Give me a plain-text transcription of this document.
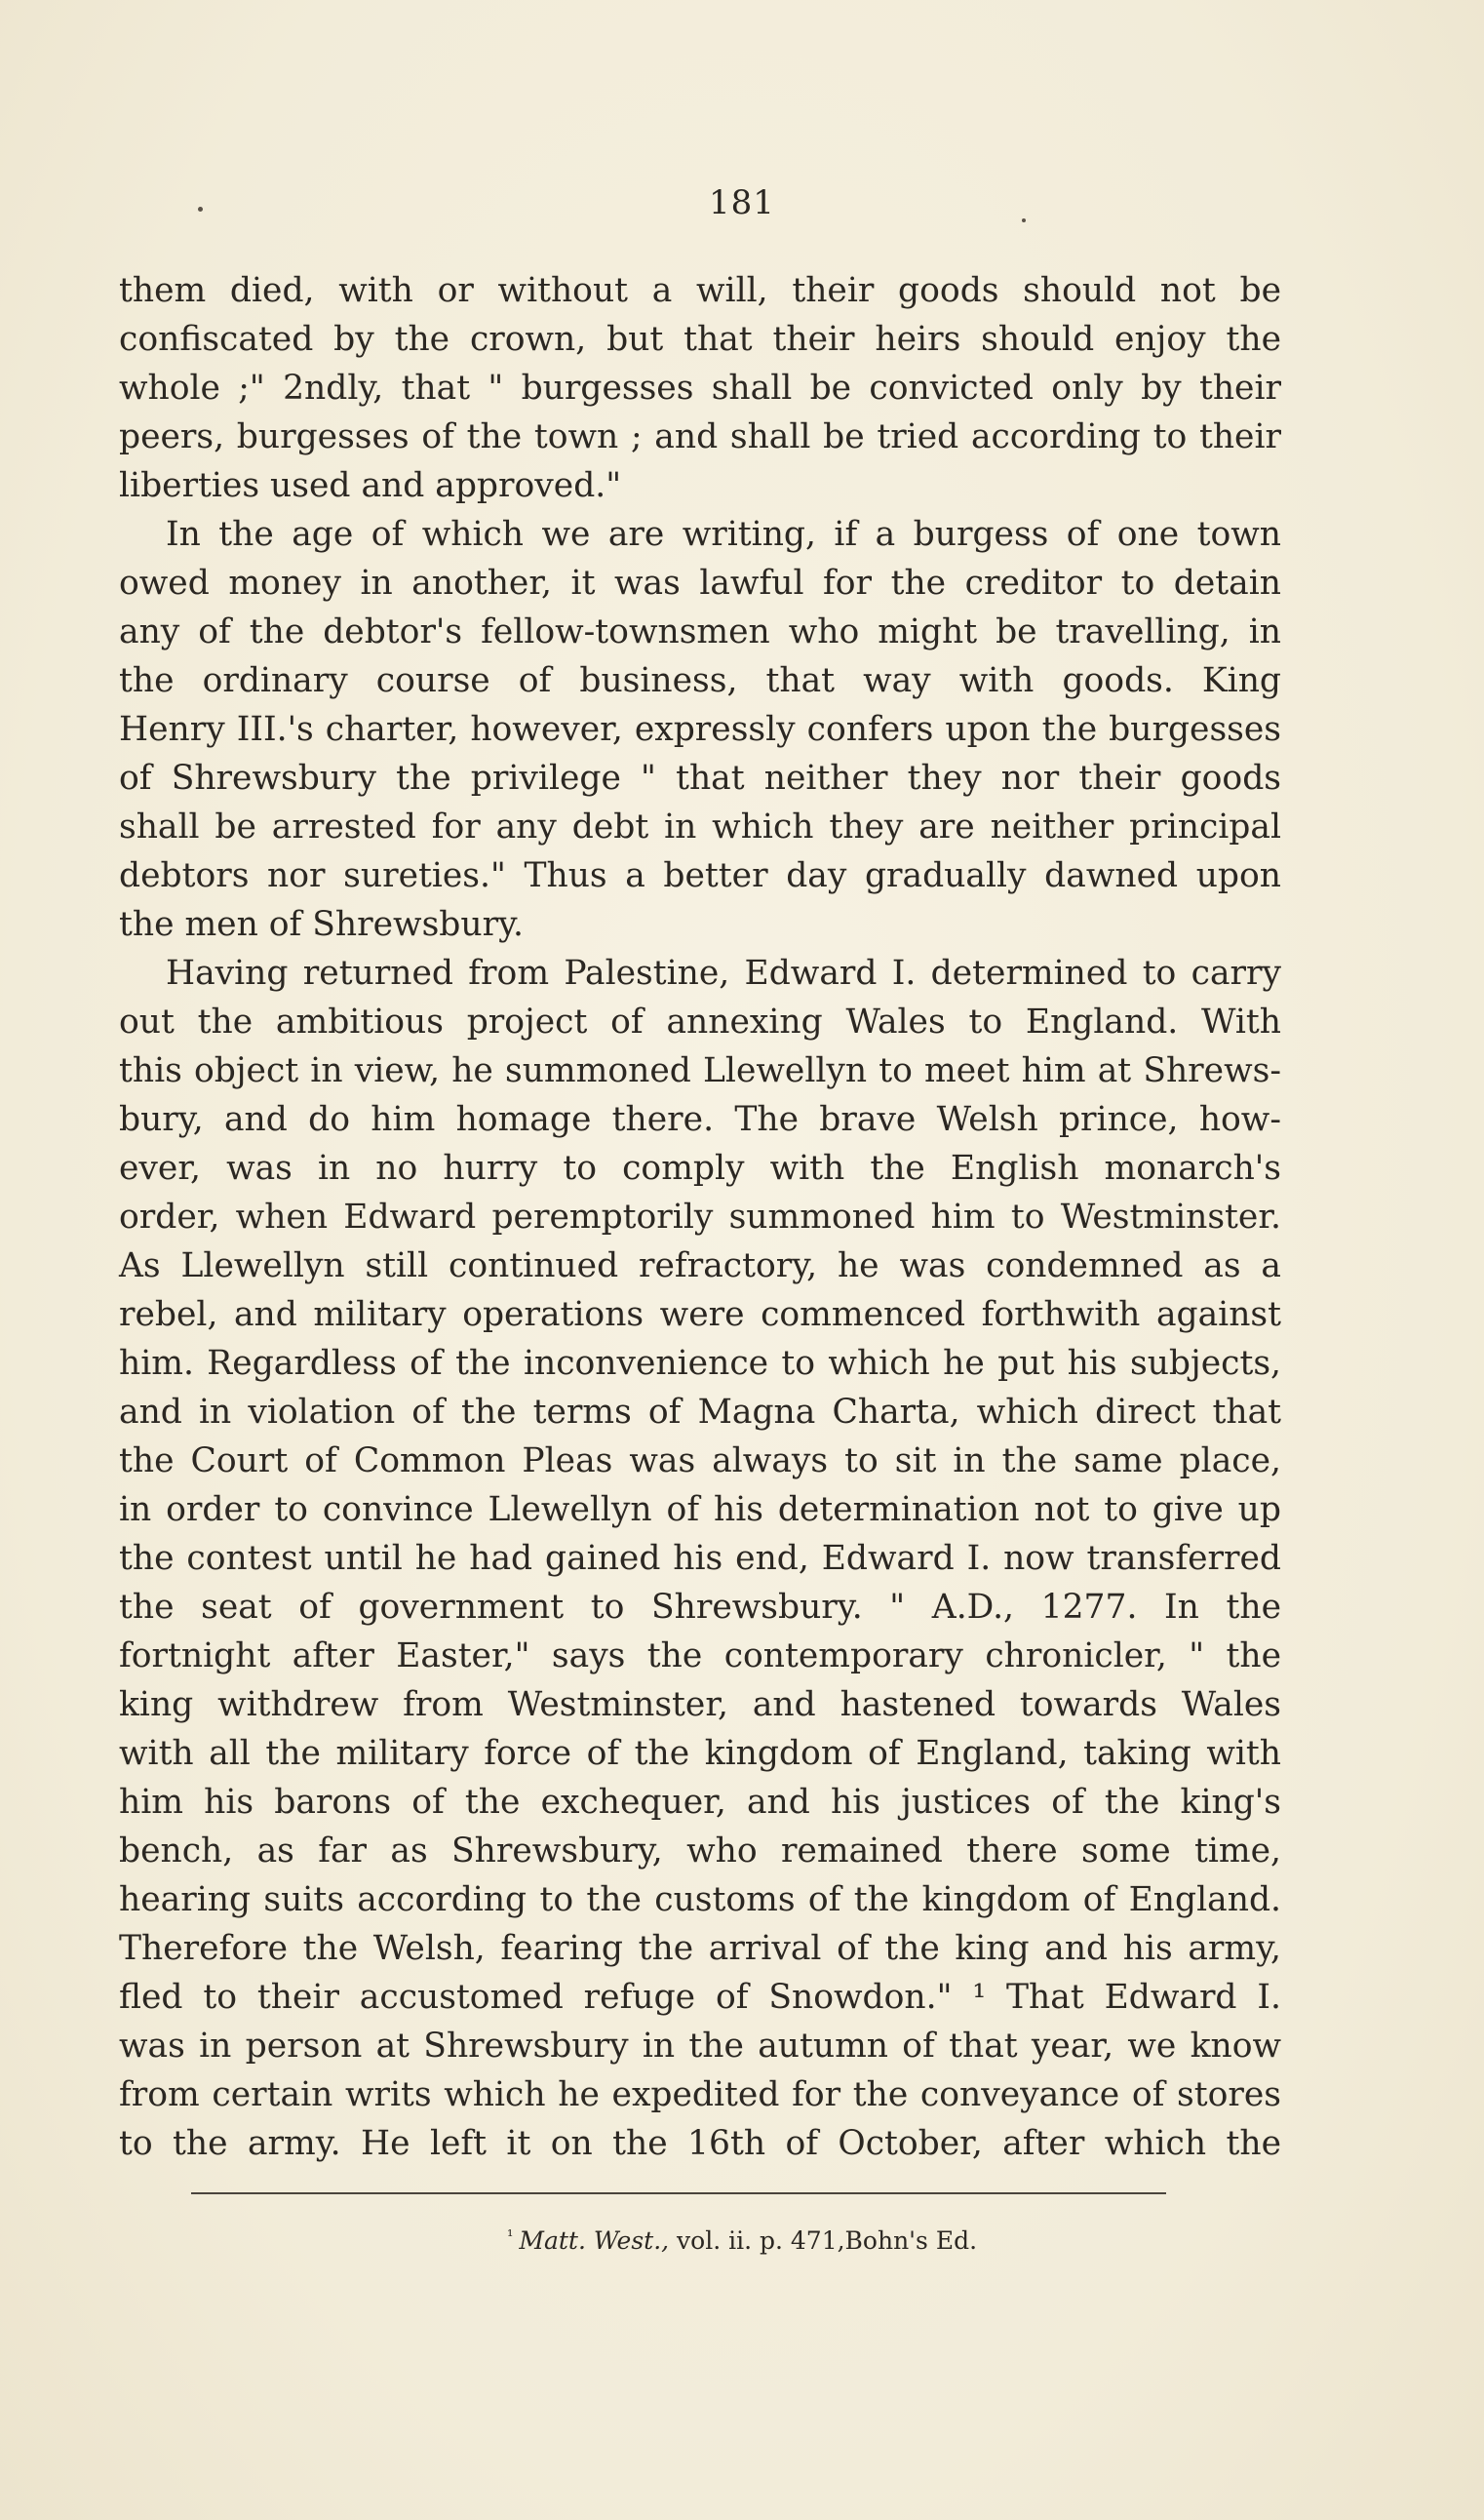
181
them died, with or without a will, their goods should not be
confiscated by the crown, but that their heirs should enjoy the
whole ;" 2ndly, that " burgesses shall be convicted only by their
peers, burgesses of the town ; and shall be tried according to their
liberties used and approved."
In the age of which we are writing, if a burgess of one town
owed money in another, it was lawful for the creditor to detain
any of the debtor's fellow-townsmen who might be travelling, in
the ordinary course of business, that way with goods. King
Henry III.'s charter, however, expressly confers upon the burgesses
of Shrewsbury the privilege " that neither they nor their goods
shall be arrested for any debt in which they are neither principal
debtors nor sureties." Thus a better day gradually dawned upon
the men of Shrewsbury.
Having returned from Palestine, Edward I. determined to carry
out the ambitious project of annexing Wales to England. With
this object in view, he summoned Llewellyn to meet him at Shrews-
bury, and do him homage there. The brave Welsh prince, how-
ever, was in no hurry to comply with the English monarch's
order, when Edward peremptorily summoned him to Westminster.
As Llewellyn still continued refractory, he was condemned as a
rebel, and military operations were commenced forthwith against
him. Regardless of the inconvenience to which he put his subjects,
and in violation of the terms of Magna Charta, which direct that
the Court of Common Pleas was always to sit in the same place,
in order to convince Llewellyn of his determination not to give up
the contest until he had gained his end, Edward I. now transferred
the seat of government to Shrewsbury. " A.D., 1277. In the
fortnight after Easter," says the contemporary chronicler, " the
king withdrew from Westminster, and hastened towards Wales
with all the military force of the kingdom of England, taking with
him his barons of the exchequer, and his justices of the king's
bench, as far as Shrewsbury, who remained there some time,
hearing suits according to the customs of the kingdom of England.
Therefore the Welsh, fearing the arrival of the king and his army,
fled to their accustomed refuge of Snowdon." ¹ That Edward I.
was in person at Shrewsbury in the autumn of that year, we know
from certain writs which he expedited for the conveyance of stores
to the army. He left it on the 16th of October, after which the
$^{^1}$ Matt. West., vol. ii. p. 471,Bohn's Ed.
